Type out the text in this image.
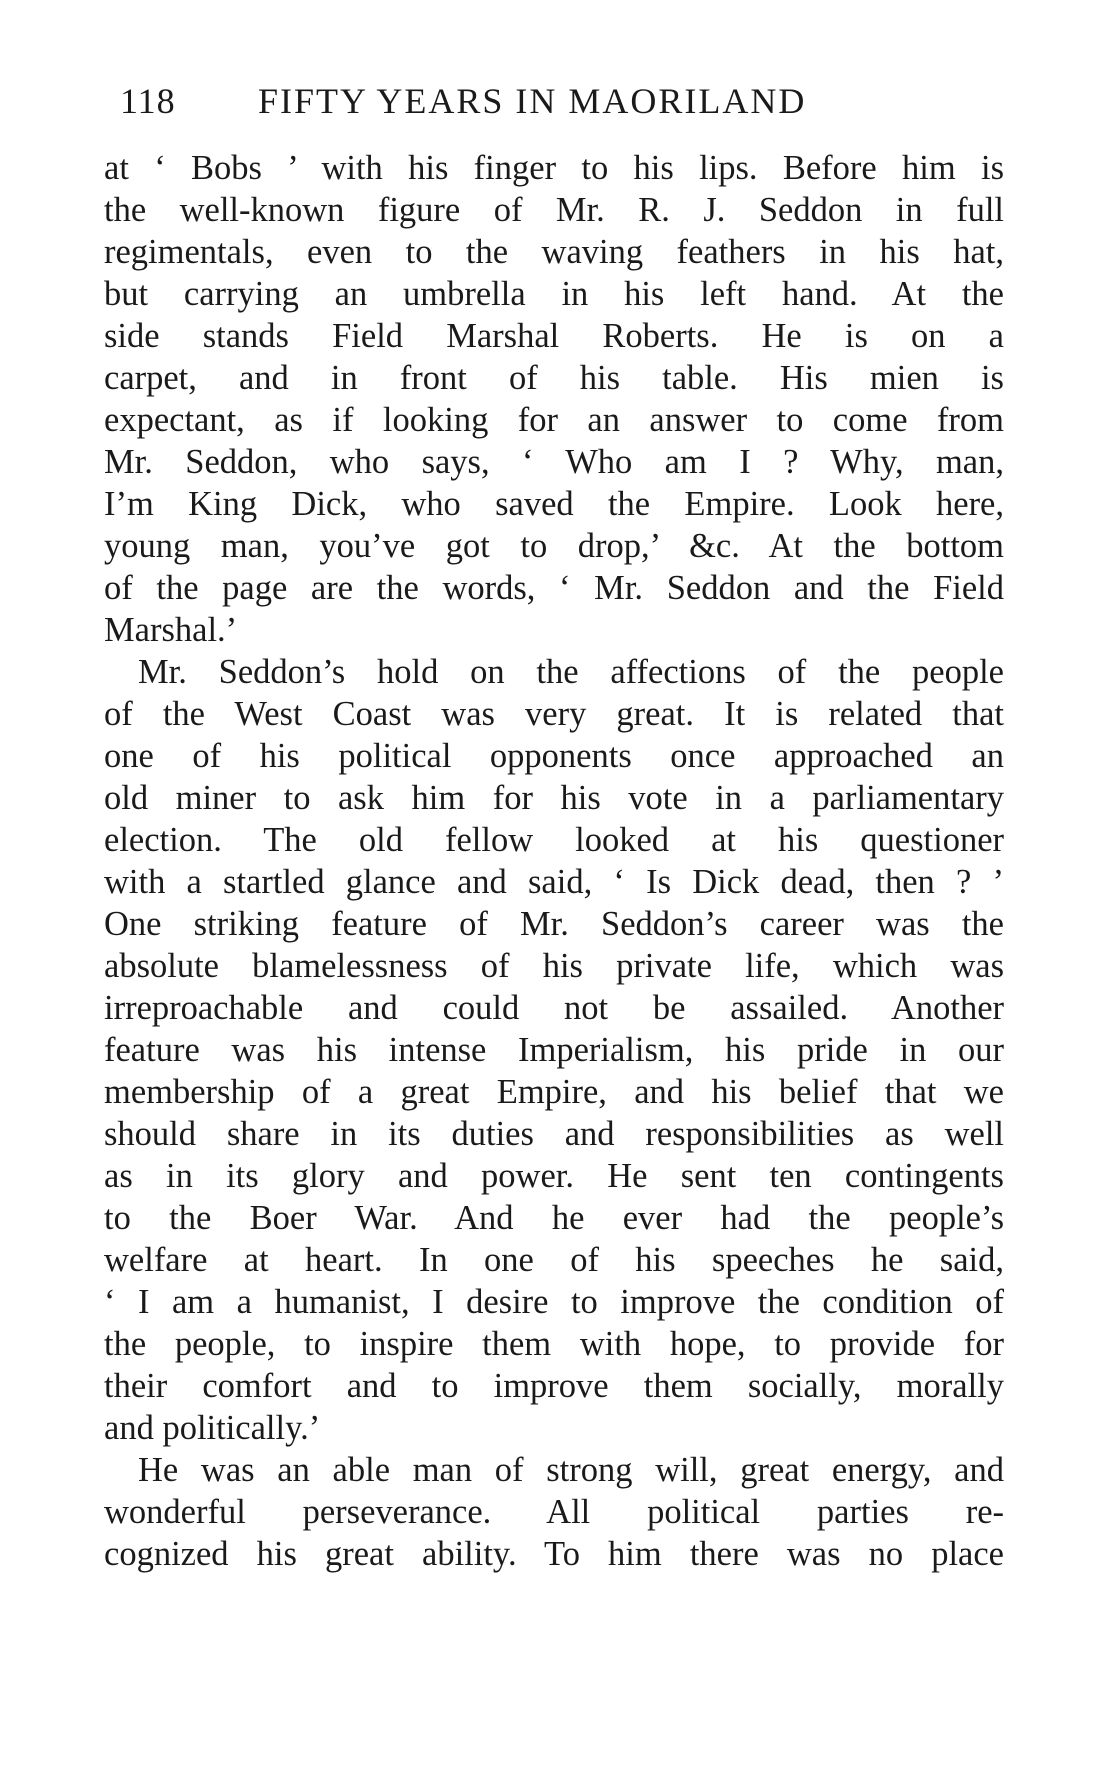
118 FIFTY YEARS IN MAORILAND

at ‘ Bobs ’ with his finger to his lips. Before him is

the well-known figure of Mr. R. J. Seddon in full

regimentals, even to the waving feathers in his hat,

but carrying an umbrella in his left hand. At the

side stands Field Marshal Roberts. He is on a

carpet, and in front of his table. His mien is

expectant, as if looking for an answer to come from

Mr. Seddon, who says, ‘ Who am I ? Why, man,

I’m King Dick, who saved the Empire. Look here,

young man, you’ve got to drop,’ &c. At the bottom

of the page are the words, ‘ Mr. Seddon and the Field

Marshal.’

Mr. Seddon’s hold on the affections of the people

of the West Coast was very great. It is related that

one of his political opponents once approached an

old miner to ask him for his vote in a parliamentary

election. The old fellow looked at his questioner

with a startled glance and said, ‘ Is Dick dead, then ? ’

One striking feature of Mr. Seddon’s career was the

absolute blamelessness of his private life, which was

irreproachable and could not be assailed. Another

feature was his intense Imperialism, his pride in our

membership of a great Empire, and his belief that we

should share in its duties and responsibilities as well

as in its glory and power. He sent ten contingents

to the Boer War. And he ever had the people’s

welfare at heart. In one of his speeches he said,

‘ I am a humanist, I desire to improve the condition of

the people, to inspire them with hope, to provide for

their comfort and to improve them socially, morally

and politically.’

He was an able man of strong will, great energy, and

wonderful perseverance. All political parties re-

cognized his great ability. To him there was no place
